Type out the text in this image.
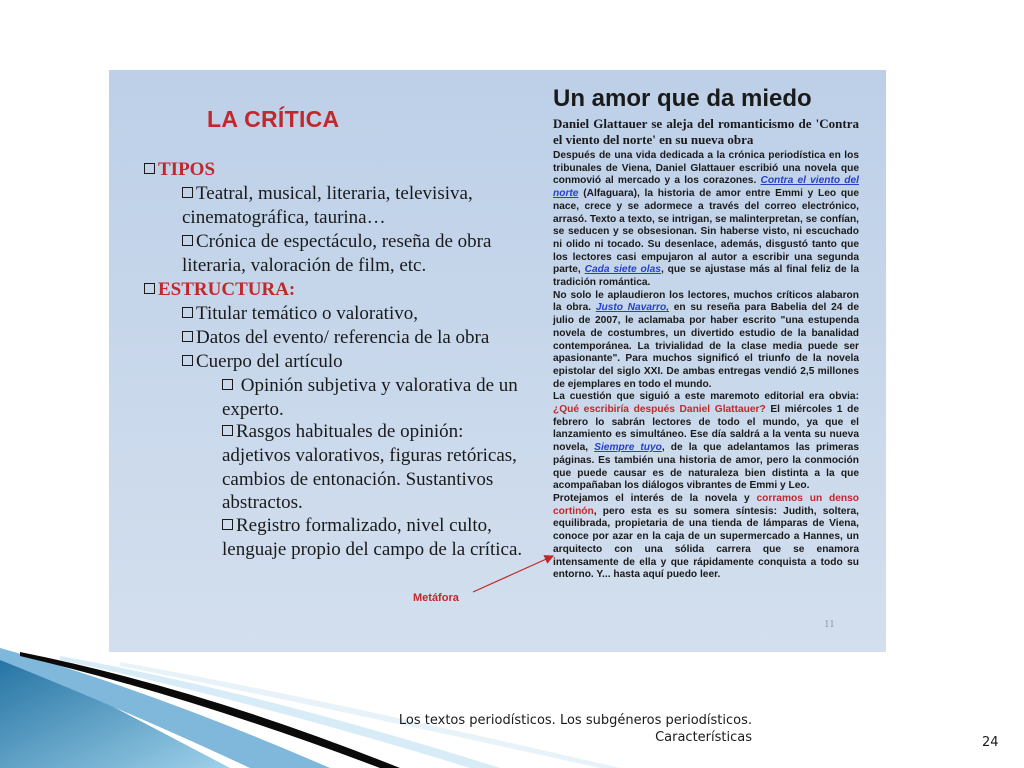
LA CRÍTICA
TIPOS
Teatral, musical, literaria, televisiva,
cinematográfica, taurina…
Crónica de espectáculo, reseña de obra
literaria, valoración de film, etc.
ESTRUCTURA:
Titular temático o valorativo,
Datos del evento/ referencia de la obra
Cuerpo del artículo
Opinión subjetiva y valorativa de un
experto.
Rasgos habituales de opinión:
adjetivos valorativos, figuras retóricas,
cambios de entonación. Sustantivos
abstractos.
Registro formalizado, nivel culto,
lenguaje propio del campo de la crítica.
Metáfora
Un amor que da miedo
Daniel Glattauer se aleja del romanticismo de 'Contra el viento del norte' en su nueva obra

Después de una vida dedicada a la crónica periodística en los tribunales de Viena, Daniel Glattauer escribió una novela que conmovió al mercado y a los corazones. Contra el viento del norte (Alfaguara), la historia de amor entre Emmi y Leo que nace, crece y se adormece a través del correo electrónico, arrasó. Texto a texto, se intrigan, se malinterpretan, se confían, se seducen y se obsesionan. Sin haberse visto, ni escuchado ni olido ni tocado. Su desenlace, además, disgustó tanto que los lectores casi empujaron al autor a escribir una segunda parte, Cada siete olas, que se ajustase más al final feliz de la tradición romántica.

No solo le aplaudieron los lectores, muchos críticos alabaron la obra. Justo Navarro, en su reseña para Babelia del 24 de julio de 2007, le aclamaba por haber escrito "una estupenda novela de costumbres, un divertido estudio de la banalidad contemporánea. La trivialidad de la clase media puede ser apasionante". Para muchos significó el triunfo de la novela epistolar del siglo XXI. De ambas entregas vendió 2,5 millones de ejemplares en todo el mundo.

La cuestión que siguió a este maremoto editorial era obvia: ¿Qué escribiría después Daniel Glattauer? El miércoles 1 de febrero lo sabrán lectores de todo el mundo, ya que el lanzamiento es simultáneo. Ese día saldrá a la venta su nueva novela, Siempre tuyo, de la que adelantamos las primeras páginas. Es también una historia de amor, pero la conmoción que puede causar es de naturaleza bien distinta a la que acompañaban los diálogos vibrantes de Emmi y Leo.

Protejamos el interés de la novela y corramos un denso cortinón, pero esta es su somera síntesis: Judith, soltera, equilibrada, propietaria de una tienda de lámparas de Viena, conoce por azar en la caja de un supermercado a Hannes, un arquitecto con una sólida carrera que se enamora intensamente de ella y que rápidamente conquista a todo su entorno. Y... hasta aquí puedo leer.

11
Los textos periodísticos. Los subgéneros periodísticos.
Características	24
